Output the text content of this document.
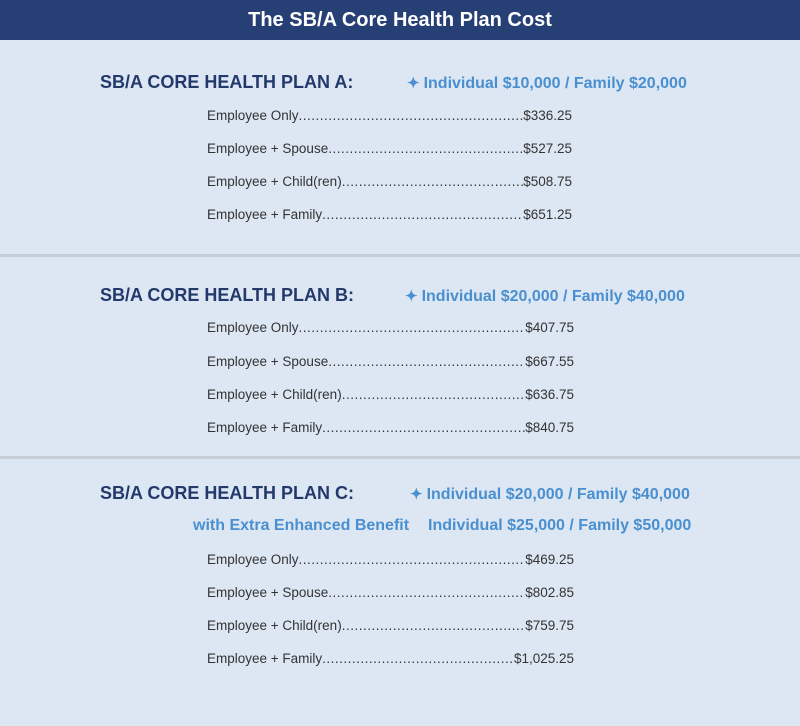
The SB/A Core Health Plan Cost
SB/A CORE HEALTH PLAN A:	✦ Individual $10,000 / Family $20,000
Employee Only .....	$336.25
Employee + Spouse .....	$527.25
Employee + Child(ren) .....	$508.75
Employee + Family .....	$651.25
SB/A CORE HEALTH PLAN B:	✦ Individual $20,000 / Family $40,000
Employee Only .....	$407.75
Employee + Spouse .....	$667.55
Employee + Child(ren) .....	$636.75
Employee + Family .....	$840.75
SB/A CORE HEALTH PLAN C:	✦ Individual $20,000 / Family $40,000
with Extra Enhanced Benefit Individual $25,000 / Family $50,000
Employee Only .....	$469.25
Employee + Spouse .....	$802.85
Employee + Child(ren) .....	$759.75
Employee + Family .....	$1,025.25
